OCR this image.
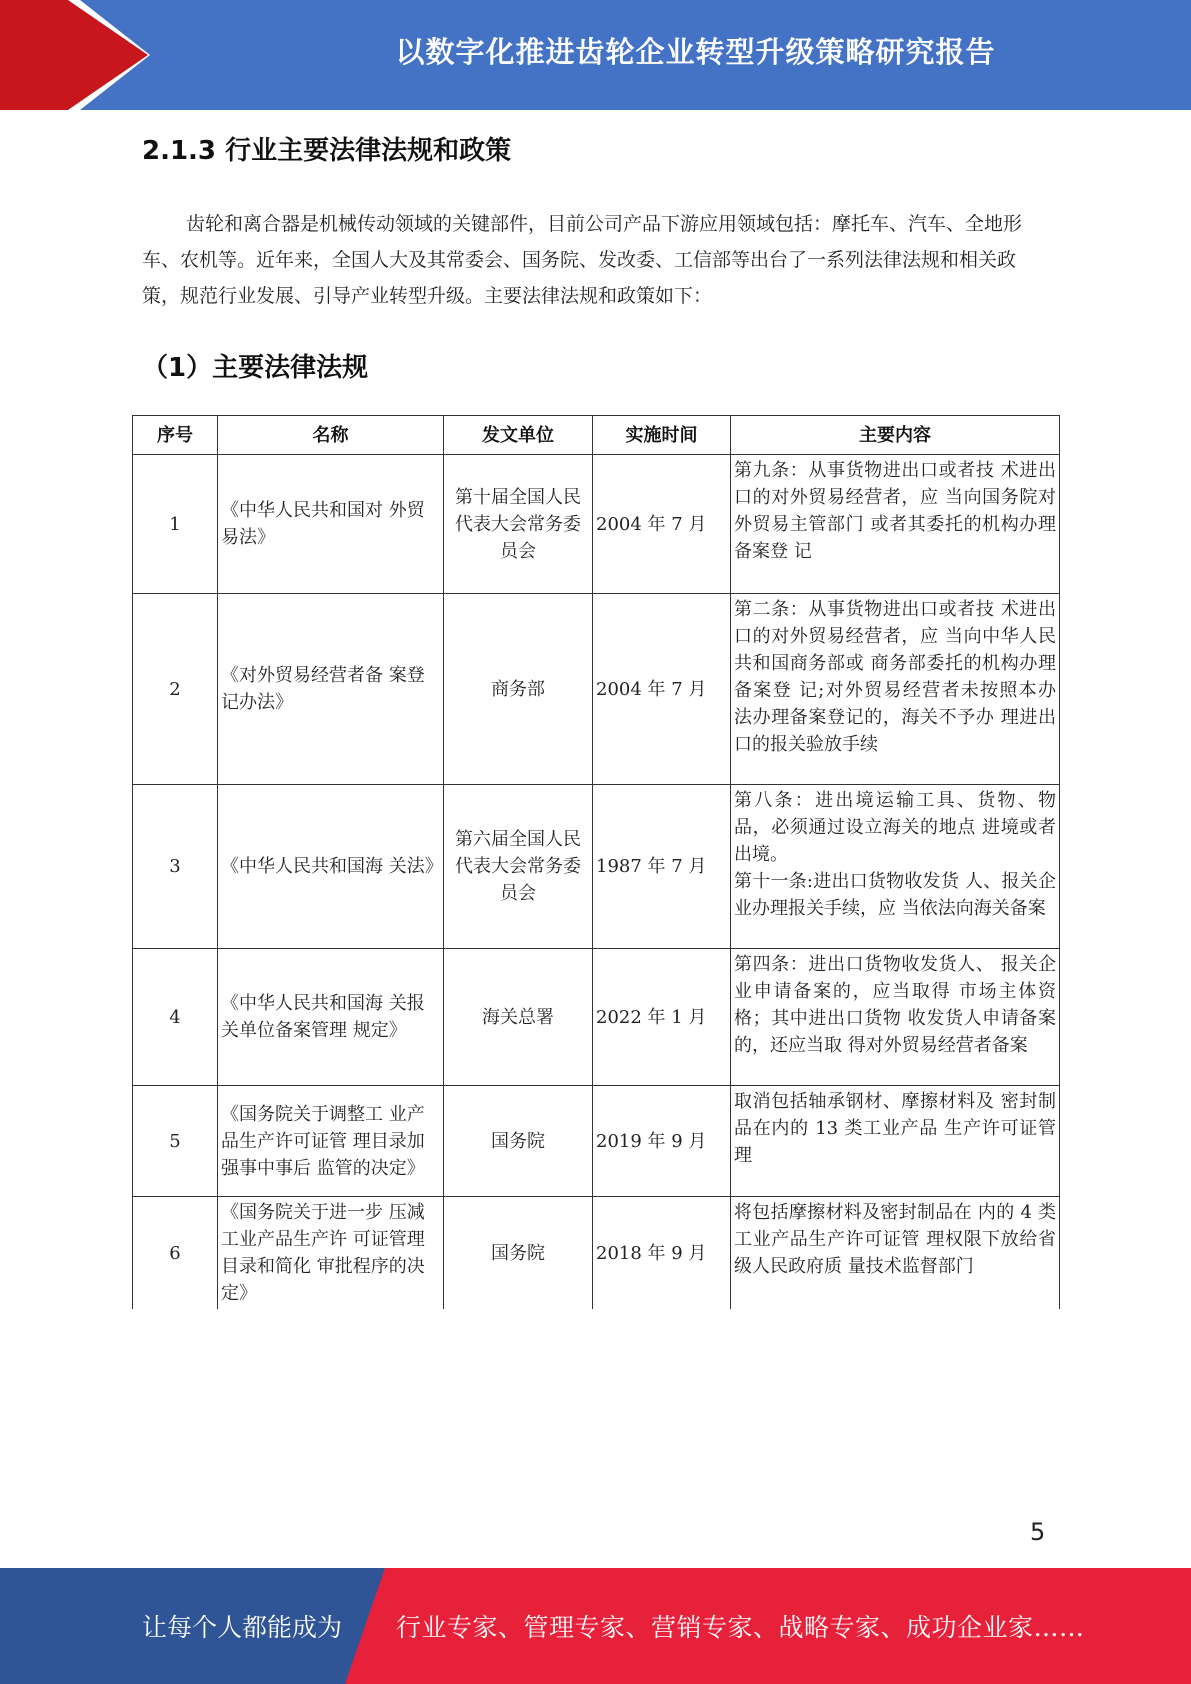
以数字化推进齿轮企业转型升级策略研究报告
2.1.3 行业主要法律法规和政策

齿轮和离合器是机械传动领域的关键部件，目前公司产品下游应用领域包括：摩托车、汽车、全地形车、农机等。近年来，全国人大及其常委会、国务院、发改委、工信部等出台了一系列法律法规和相关政策，规范行业发展、引导产业转型升级。主要法律法规和政策如下：

（1）主要法律法规
序号	名称	发文单位	实施时间	主要内容
1	《中华人民共和国对 外贸易法》	第十届全国人民代表大会常务委员会	2004 年 7 月	第九条：从事货物进出口或者技 术进出口的对外贸易经营者，应 当向国务院对外贸易主管部门 或者其委托的机构办理备案登 记
2	《对外贸易经营者备 案登记办法》	商务部	2004 年 7 月	第二条：从事货物进出口或者技 术进出口的对外贸易经营者，应 当向中华人民共和国商务部或 商务部委托的机构办理备案登 记;对外贸易经营者未按照本办 法办理备案登记的，海关不予办 理进出口的报关验放手续
3	《中华人民共和国海 关法》	第六届全国人民代表大会常务委员会	1987 年 7 月	第八条：进出境运输工具、货物、物品，必须通过设立海关的地点 进境或者出境。
第十一条:进出口货物收发货 人、报关企业办理报关手续，应 当依法向海关备案

4	《中华人民共和国海 关报关单位备案管理 规定》	海关总署	2022 年 1 月	第四条：进出口货物收发货人、 报关企业申请备案的，应当取得 市场主体资格；其中进出口货物 收发货人申请备案的，还应当取 得对外贸易经营者备案
5	《国务院关于调整工 业产品生产许可证管 理目录加强事中事后 监管的决定》	国务院	2019 年 9 月	取消包括轴承钢材、摩擦材料及 密封制品在内的 13 类工业产品 生产许可证管理
6	《国务院关于进一步 压减工业产品生产许 可证管理目录和简化 审批程序的决定》	国务院	2018 年 9 月	将包括摩擦材料及密封制品在 内的 4 类工业产品生产许可证管 理权限下放给省级人民政府质 量技术监督部门
5
让每个人都能成为 行业专家、管理专家、营销专家、战略专家、成功企业家……
